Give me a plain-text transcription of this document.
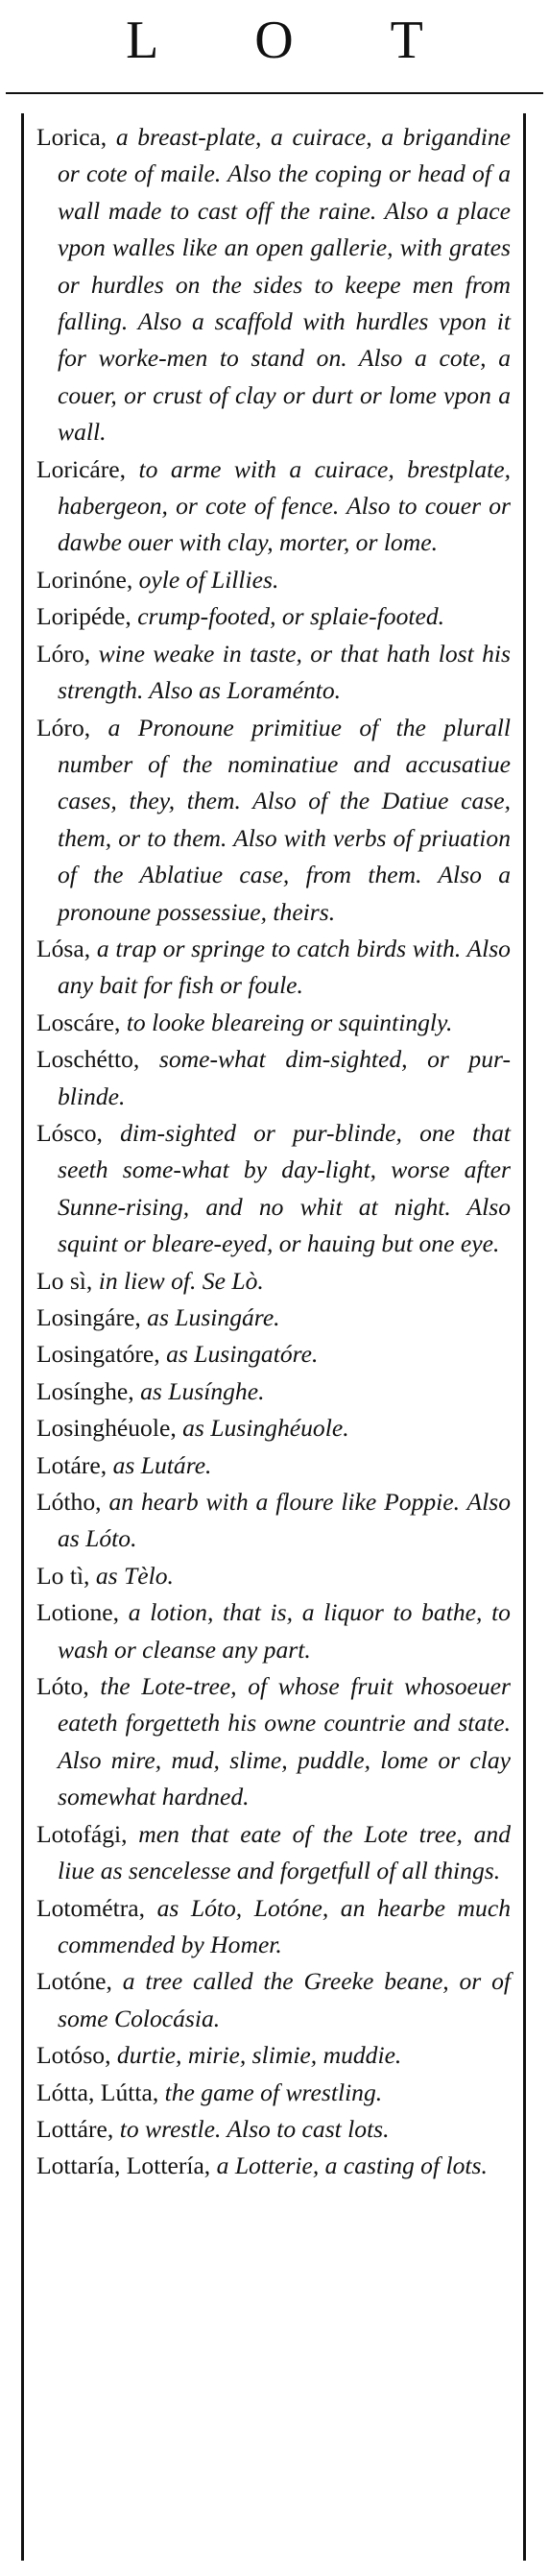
L O T
Lorica, a breast-plate, a cuirace, a brigandine or cote of maile. Also the coping or head of a wall made to cast off the raine. Also a place vpon walles like an open gallerie, with grates or hurdles on the sides to keepe men from falling. Also a scaffold with hurdles vpon it for worke-men to stand on. Also a cote, a couer, or crust of clay or durt or lome vpon a wall.
Loricáre, to arme with a cuirace, brestplate, habergeon, or cote of fence. Also to couer or dawbe ouer with clay, morter, or lome.
Lorinóne, oyle of Lillies.
Loripéde, crump-footed, or splaie-footed.
Lóro, wine weake in taste, or that hath lost his strength. Also as Loraménto.
Lóro, a Pronoune primitiue of the plurall number of the nominatiue and accusatiue cases, they, them. Also of the Datiue case, them, or to them. Also with verbs of priuation of the Ablatiue case, from them. Also a pronoune possessiue, theirs.
Lósa, a trap or springe to catch birds with. Also any bait for fish or foule.
Loscáre, to looke bleareing or squintingly.
Loschétto, some-what dim-sighted, or pur-blinde.
Lósco, dim-sighted or pur-blinde, one that seeth some-what by day-light, worse after Sunne-rising, and no whit at night. Also squint or bleare-eyed, or hauing but one eye.
Lo sì, in liew of. Se Lò.
Losingáre, as Lusingáre.
Losingatóre, as Lusingatóre.
Losínghe, as Lusínghe.
Losinghéuole, as Lusinghéuole.
Lotáre, as Lutáre.
Lótho, an hearb with a floure like Poppie. Also as Lóto.
Lo tì, as Tèlo.
Lotione, a lotion, that is, a liquor to bathe, to wash or cleanse any part.
Lóto, the Lote-tree, of whose fruit whosoeuer eateth forgetteth his owne countrie and state. Also mire, mud, slime, puddle, lome or clay somewhat hardned.
Lotofági, men that eate of the Lote tree, and liue as sencelesse and forgetfull of all things.
Lotométra, as Lóto, Lotóne, an hearbe much commended by Homer.
Lotóne, a tree called the Greeke beane, or of some Colocásia.
Lotóso, durtie, mirie, slimie, muddie.
Lótta, Lútta, the game of wrestling.
Lottáre, to wrestle. Also to cast lots.
Lottaría, Lottería, a Lotterie, a casting of lots.
